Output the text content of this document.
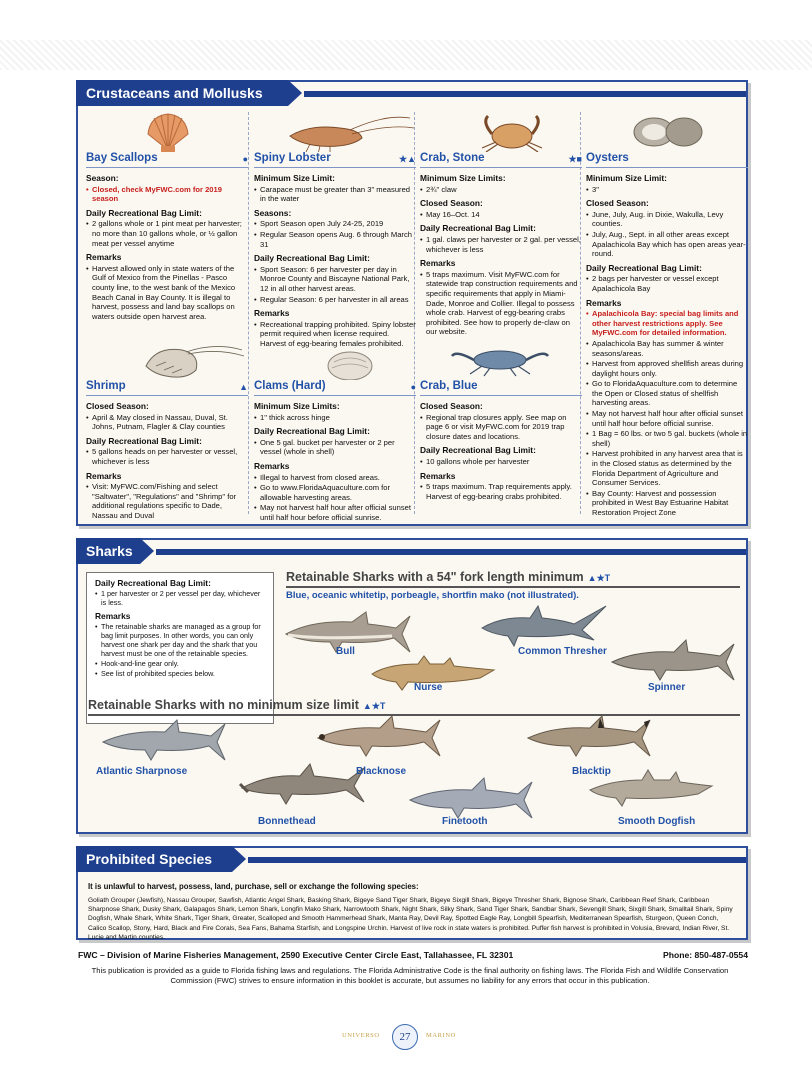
Crustaceans and Mollusks
Bay Scallops	●
Season:
• Closed, check MyFWC.com for 2019 season
Daily Recreational Bag Limit:
• 2 gallons whole or 1 pint meat per harvester; no more than 10 gallons whole, or ½ gallon meat per vessel anytime
Remarks
• Harvest allowed only in state waters of the Gulf of Mexico from the Pinellas - Pasco county line, to the west bank of the Mexico Beach Canal in Bay County. It is illegal to harvest, possess and land bay scallops on waters outside open harvest area.
Shrimp	▲
Closed Season:
• April & May closed in Nassau, Duval, St. Johns, Putnam, Flagler & Clay counties
Daily Recreational Bag Limit:
• 5 gallons heads on per harvester or vessel, whichever is less
Remarks
• Visit: MyFWC.com/Fishing and select "Saltwater", "Regulations" and "Shrimp" for additional regulations specific to Dade, Nassau and Duval
Spiny Lobster	★▲
Minimum Size Limit:
• Carapace must be greater than 3" measured in the water
Seasons:
• Sport Season open July 24-25, 2019
• Regular Season opens Aug. 6 through March 31
Daily Recreational Bag Limit:
• Sport Season: 6 per harvester per day in Monroe County and Biscayne National Park, 12 in all other harvest areas.
• Regular Season: 6 per harvester in all areas
Remarks
• Recreational trapping prohibited. Spiny lobster permit required when license required. Harvest of egg-bearing females prohibited.
Clams (Hard)	●
Minimum Size Limits:
• 1" thick across hinge
Daily Recreational Bag Limit:
• One 5 gal. bucket per harvester or 2 per vessel (whole in shell)
Remarks
• Illegal to harvest from closed areas.
• Go to www.FloridaAquaculture.com for allowable harvesting areas.
• May not harvest half hour after official sunset until half hour before official sunrise.
Crab, Stone	★■
Minimum Size Limits:
• 2¾" claw
Closed Season:
• May 16–Oct. 14
Daily Recreational Bag Limit:
• 1 gal. claws per harvester or 2 gal. per vessel, whichever is less
Remarks
• 5 traps maximum. Visit MyFWC.com for statewide trap construction requirements and specific requirements that apply in Miami-Dade, Monroe and Collier. Illegal to possess whole crab. Harvest of egg-bearing crabs prohibited. See how to properly de-claw on our website.
Crab, Blue
Closed Season:
• Regional trap closures apply. See map on page 6 or visit MyFWC.com for 2019 trap closure dates and locations.
Daily Recreational Bag Limit:
• 10 gallons whole per harvester
Remarks
• 5 traps maximum. Trap requirements apply. Harvest of egg-bearing crabs prohibited.
Oysters
Minimum Size Limit:
• 3"
Closed Season:
• June, July, Aug. in Dixie, Wakulla, Levy counties.
• July, Aug., Sept. in all other areas except Apalachicola Bay which has open areas year-round.
Daily Recreational Bag Limit:
• 2 bags per harvester or vessel except Apalachicola Bay
Remarks
• Apalachicola Bay: special bag limits and other harvest restrictions apply. See MyFWC.com for detailed information.
• Apalachicola Bay has summer & winter seasons/areas.
• Harvest from approved shellfish areas during daylight hours only.
• Go to FloridaAquaculture.com to determine the Open or Closed status of shellfish harvesting areas.
• May not harvest half hour after official sunset until half hour before official sunrise.
• 1 Bag = 60 lbs. or two 5 gal. buckets (whole in shell)
• Harvest prohibited in any harvest area that is in the Closed status as determined by the Florida Department of Agriculture and Consumer Services.
• Bay County: Harvest and possession prohibited in West Bay Estuarine Habitat Restoration Project Zone
Sharks
Daily Recreational Bag Limit:
• 1 per harvester or 2 per vessel per day, whichever is less.
Remarks
• The retainable sharks are managed as a group for bag limit purposes. In other words, you can only harvest one shark per day and the shark that you harvest must be one of the retainable species.
• Hook-and-line gear only.
• See list of prohibited species below.
Retainable Sharks with a 54" fork length minimum ▲★T
Blue, oceanic whitetip, porbeagle, shortfin mako (not illustrated).
Bull	Common Thresher
Nurse	Spinner
Retainable Sharks with no minimum size limit ▲★T
Atlantic Sharpnose	Blacknose	Blacktip
Bonnethead	Finetooth	Smooth Dogfish
Prohibited Species
It is unlawful to harvest, possess, land, purchase, sell or exchange the following species:
Goliath Grouper (Jewfish), Nassau Grouper, Sawfish, Atlantic Angel Shark, Basking Shark, Bigeye Sand Tiger Shark, Bigeye Sixgill Shark, Bigeye Thresher Shark, Bignose Shark, Caribbean Reef Shark, Caribbean Sharpnose Shark, Dusky Shark, Galapagos Shark, Lemon Shark, Longfin Mako Shark, Narrowtooth Shark, Night Shark, Silky Shark, Sand Tiger Shark, Sandbar Shark, Sevengill Shark, Sixgill Shark, Smalltail Shark, Spiny Dogfish, Whale Shark, White Shark, Tiger Shark, Greater, Scalloped and Smooth Hammerhead Shark, Manta Ray, Devil Ray, Spotted Eagle Ray, Longbill Spearfish, Mediterranean Spearfish, Sturgeon, Queen Conch, Calico Scallop, Stony, Hard, Black and Fire Corals, Sea Fans, Bahama Starfish, and Longspine Urchin. Harvest of live rock in state waters is prohibited. Puffer fish harvest is prohibited in Volusia, Brevard, Indian River, St. Lucie and Martin counties.
FWC – Division of Marine Fisheries Management, 2590 Executive Center Circle East, Tallahassee, FL 32301	Phone: 850-487-0554
This publication is provided as a guide to Florida fishing laws and regulations. The Florida Administrative Code is the final authority on fishing laws. The Florida Fish and Wildlife Conservation Commission (FWC) strives to ensure information in this booklet is accurate, but assumes no liability for any errors that occur in this publication.
UNIVERSO	27	MARINO
